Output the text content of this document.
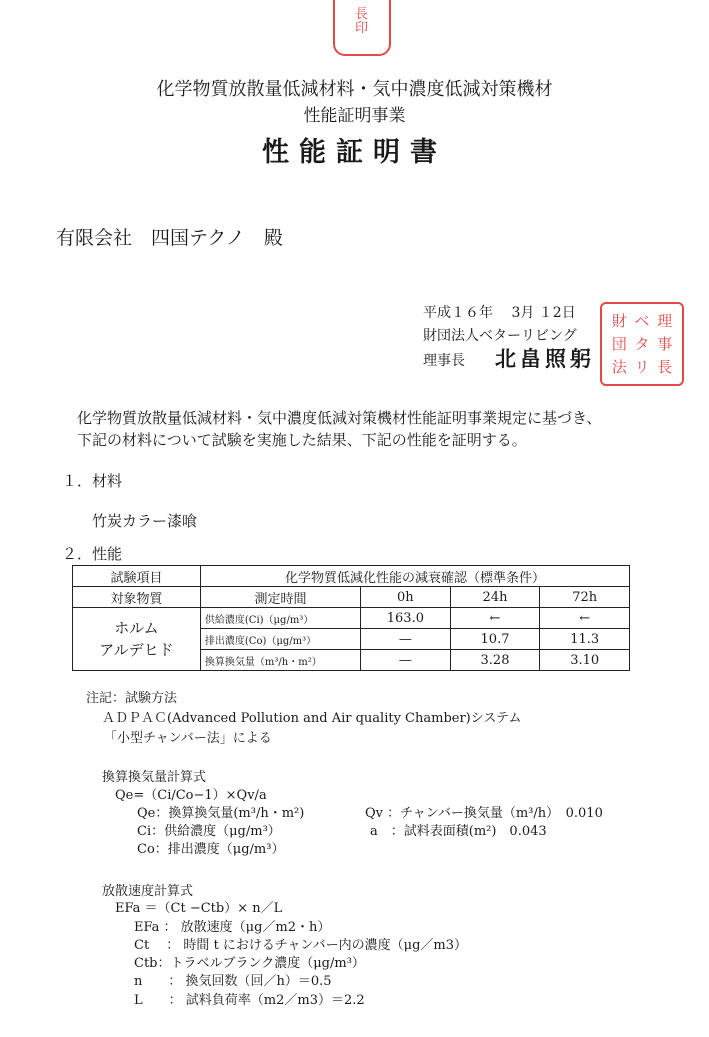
長
印
財 ベ 理
団 タ 事
法 リ 長
化学物質放散量低減材料・気中濃度低減対策機材
性能証明事業
性能証明書
有限会社　四国テクノ　殿
平成１６年　 3月 １2日
財団法人ベターリビング
理事長 北畠照躬
化学物質放散量低減材料・気中濃度低減対策機材性能証明事業規定に基づき、
下記の材料について試験を実施した結果、下記の性能を証明する。
１．材料
竹炭カラー漆喰
２．性能
試験項目	化学物質低減化性能の減衰確認（標準条件）			
対象物質	測定時間	0h	24h	72h
ホルム
アルデヒド	供給濃度(Ci)（μg/m³）	163.0	←	←
	排出濃度(Co)（μg/m³）	—	10.7	11.3
	換算換気量（m³/h・m²）	—	3.28	3.10
注記：試験方法
ＡＤＰＡＣ(Advanced Pollution and Air quality Chamber)システム
「小型チャンバー法」による
換算換気量計算式
Qe=（Ci/Co−1）×Qv/a
Qe：換算換気量(m³/h・m²)
Ci：供給濃度（μg/m³）
Co：排出濃度（μg/m³）
Qv ：チャンバー換気量（m³/h）　0.010
a　：試料表面積(m²)　0.043
放散速度計算式
EFa ＝（Ct −Ctb）× n／L
EFa ： 放散速度（μg／m2・h）
Ct　 ： 時間 t におけるチャンバー内の濃度（μg／m3）
Ctb：トラベルブランク濃度（μg/m³）
n　　： 換気回数（回／h）＝0.5
L　　： 試料負荷率（m2／m3）＝2.2
